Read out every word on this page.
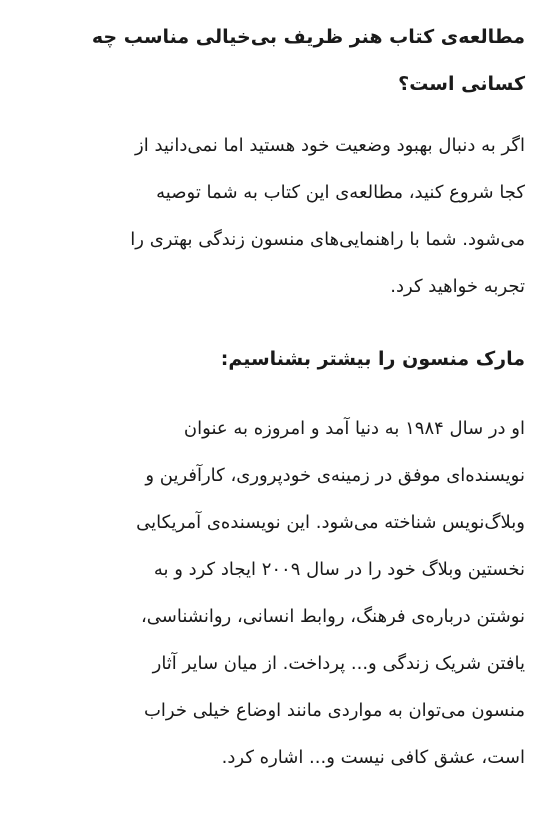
مطالعه‌ی کتاب هنر ظریف بی‌خیالی مناسب چه
کسانی است؟

اگر به دنبال بهبود وضعیت خود هستید اما نمی‌دانید از
کجا شروع کنید، مطالعه‌ی این کتاب به شما توصیه
می‌شود. شما با راهنمایی‌های منسون زندگی بهتری را
تجربه خواهید کرد.

مارک منسون را بیشتر بشناسیم:

او در سال ۱۹۸۴ به دنیا آمد و امروزه به عنوان
نویسنده‌ای موفق در زمینه‌ی خودپروری، کارآفرین و
وبلاگ‌نویس شناخته می‌شود. این نویسنده‌ی آمریکایی
نخستین وبلاگ خود را در سال ۲۰۰۹ ایجاد کرد و به
نوشتن درباره‌ی فرهنگ، روابط انسانی، روانشناسی،
یافتن شریک زندگی و... پرداخت. از میان سایر آثار
منسون می‌توان به مواردی مانند اوضاع خیلی خراب
است، عشق کافی نیست و... اشاره کرد.
